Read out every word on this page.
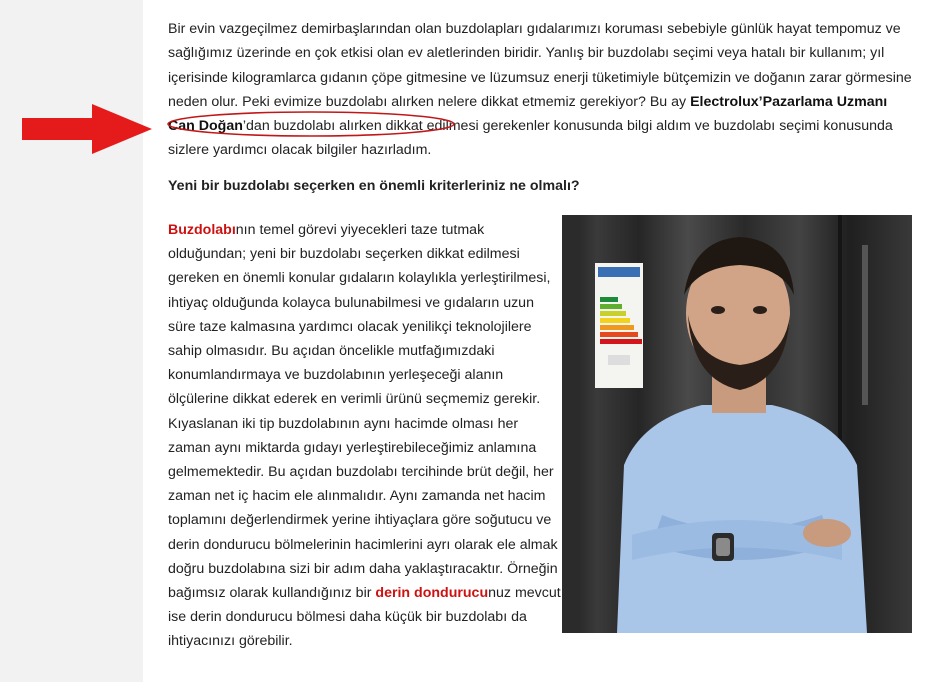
Bir evin vazgeçilmez demirbaşlarından olan buzdolapları gıdalarımızı koruması sebebiyle günlük hayat tempomuz ve sağlığımız üzerinde en çok etkisi olan ev aletlerinden biridir. Yanlış bir buzdolabı seçimi veya hatalı bir kullanım; yıl içerisinde kilogramlarca gıdanın çöpe gitmesine ve lüzumsuz enerji tüketimiyle bütçemizin ve doğanın zarar görmesine neden olur. Peki evimize buzdolabı alırken nelere dikkat etmemiz gerekiyor? Bu ay Electrolux’Pazarlama Uzmanı Can Doğan’dan buzdolabı alırken dikkat edilmesi gerekenler konusunda bilgi aldım ve buzdolabı seçimi konusunda sizlere yardımcı olacak bilgiler hazırladım.

Yeni bir buzdolabı seçerken en önemli kriterleriniz ne olmalı?

Buzdolabının temel görevi yiyecekleri taze tutmak olduğundan; yeni bir buzdolabı seçerken dikkat edilmesi gereken en önemli konular gıdaların kolaylıkla yerleştirilmesi, ihtiyaç olduğunda kolayca bulunabilmesi ve gıdaların uzun süre taze kalmasına yardımcı olacak yenilikçi teknolojilere sahip olmasıdır. Bu açıdan öncelikle mutfağımızdaki konumlandırmaya ve buzdolabının yerleşeceği alanın ölçülerine dikkat ederek en verimli ürünü seçmemiz gerekir. Kıyaslanan iki tip buzdolabının aynı hacimde olması her zaman aynı miktarda gıdayı yerleştirebileceğimiz anlamına gelmemektedir. Bu açıdan buzdolabı tercihinde brüt değil, her zaman net iç hacim ele alınmalıdır. Aynı zamanda net hacim toplamını değerlendirmek yerine ihtiyaçlara göre soğutucu ve derin dondurucu bölmelerinin hacimlerini ayrı olarak ele almak doğru buzdolabına sizi bir adım daha yaklaştıracaktır. Örneğin bağımsız olarak kullandığınız bir derin dondurucunuz mevcut ise derin dondurucu bölmesi daha küçük bir buzdolabı da ihtiyacınızı görebilir.
